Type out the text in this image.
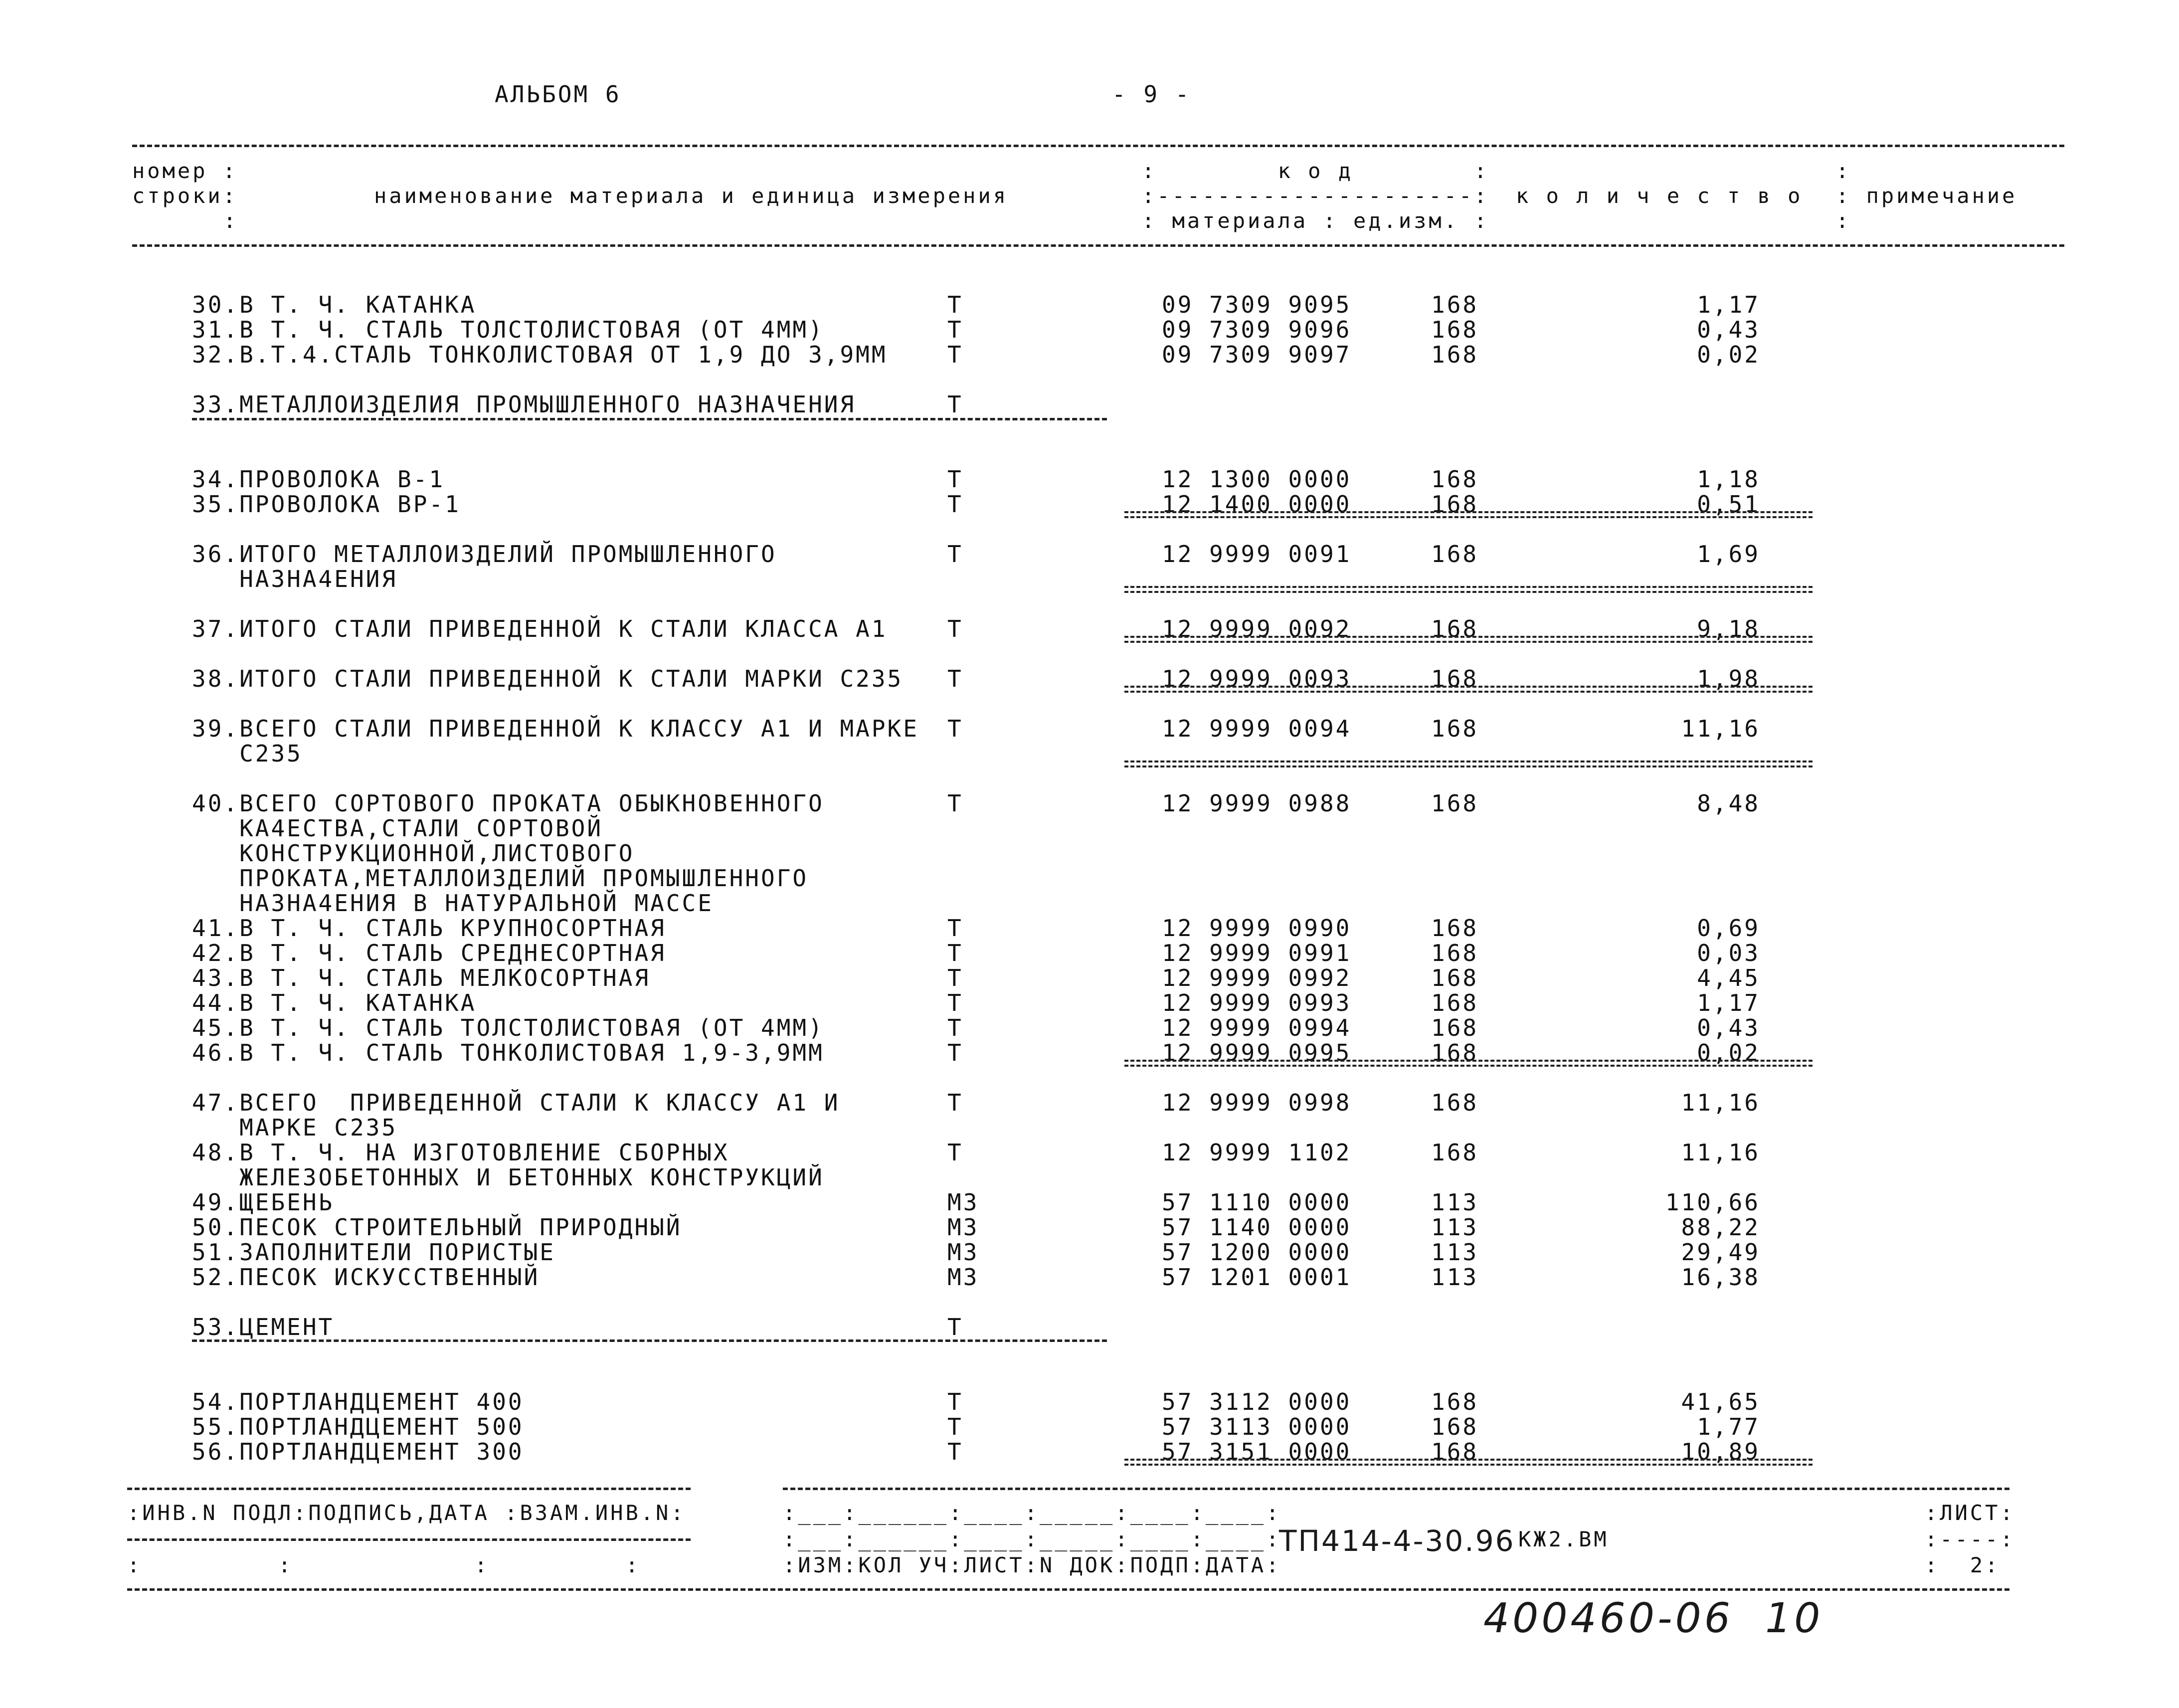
АЛЬБОМ 6	- 9 -
номер :
строки:
:
наименование материала и единица измерения
:        к о д        :
:---------------------:
: материала : ед.изм. :
к о л и ч е с т в о
:
: примечание
:
30.В Т. Ч. КАТАНКА	Т	09 7309 9095	168	1,17
31.В Т. Ч. СТАЛЬ ТОЛСТОЛИСТОВАЯ (ОТ 4ММ)	Т	09 7309 9096	168	0,43
32.В.Т.4.СТАЛЬ ТОНКОЛИСТОВАЯ ОТ 1,9 ДО 3,9ММ	Т	09 7309 9097	168	0,02
33.МЕТАЛЛОИЗДЕЛИЯ ПРОМЫШЛЕННОГО НАЗНАЧЕНИЯ	Т
34.ПРОВОЛОКА В-1	Т	12 1300 0000	168	1,18
35.ПРОВОЛОКА ВР-1	Т	12 1400 0000	168	0,51
36.ИТОГО МЕТАЛЛОИЗДЕЛИЙ ПРОМЫШЛЕННОГО	Т	12 9999 0091	168	1,69
НАЗНА4ЕНИЯ
37.ИТОГО СТАЛИ ПРИВЕДЕННОЙ К СТАЛИ КЛАССА А1	Т	12 9999 0092	168	9,18
38.ИТОГО СТАЛИ ПРИВЕДЕННОЙ К СТАЛИ МАРКИ С235 Т	12 9999 0093	168	1,98
39.ВСЕГО СТАЛИ ПРИВЕДЕННОЙ К КЛАССУ А1 И МАРКЕ Т	12 9999 0094	168	11,16
С235
40.ВСЕГО СОРТОВОГО ПРОКАТА ОБЫКНОВЕННОГО	Т	12 9999 0988	168	8,48
КА4ЕСТВА,СТАЛИ СОРТОВОЙ
КОНСТРУКЦИОННОЙ,ЛИСТОВОГО
ПРОКАТА,МЕТАЛЛОИЗДЕЛИЙ ПРОМЫШЛЕННОГО
НАЗНА4ЕНИЯ В НАТУРАЛЬНОЙ МАССЕ
41.В Т. Ч. СТАЛЬ КРУПНОСОРТНАЯ	Т	12 9999 0990	168	0,69
42.В Т. Ч. СТАЛЬ СРЕДНЕСОРТНАЯ	Т	12 9999 0991	168	0,03
43.В Т. Ч. СТАЛЬ МЕЛКОСОРТНАЯ	Т	12 9999 0992	168	4,45
44.В Т. Ч. КАТАНКА	Т	12 9999 0993	168	1,17
45.В Т. Ч. СТАЛЬ ТОЛСТОЛИСТОВАЯ (ОТ 4ММ)	Т	12 9999 0994	168	0,43
46.В Т. Ч. СТАЛЬ ТОНКОЛИСТОВАЯ 1,9-3,9ММ	Т	12 9999 0995	168	0,02
47.ВСЕГО  ПРИВЕДЕННОЙ СТАЛИ К КЛАССУ А1 И	Т	12 9999 0998	168	11,16
МАРКЕ С235
48.В Т. Ч. НА ИЗГОТОВЛЕНИЕ СБОРНЫХ	Т	12 9999 1102	168	11,16
ЖЕЛЕЗОБЕТОННЫХ И БЕТОННЫХ КОНСТРУКЦИЙ
49.ЩЕБЕНЬ	М3	57 1110 0000	113	110,66
50.ПЕСОК СТРОИТЕЛЬНЫЙ ПРИРОДНЫЙ	М3	57 1140 0000	113	88,22
51.ЗАПОЛНИТЕЛИ ПОРИСТЫЕ	М3	57 1200 0000	113	29,49
52.ПЕСОК ИСКУССТВЕННЫЙ	М3	57 1201 0001	113	16,38
53.ЦЕМЕНТ	Т
54.ПОРТЛАНДЦЕМЕНТ 400	Т	57 3112 0000	168	41,65
55.ПОРТЛАНДЦЕМЕНТ 500	Т	57 3113 0000	168	1,77
56.ПОРТЛАНДЦЕМЕНТ 300	Т	57 3151 0000	168	10,89
:ИНВ.N ПОДЛ:ПОДПИСЬ,ДАТА :ВЗАМ.ИНВ.N:
:         :            :         :
:___:______:____:_____:____:____:
:___:______:____:_____:____:____:
:ИЗМ:КОЛ УЧ:ЛИСТ:N ДОК:ПОДП:ДАТА:
ТП414-4-30.96 КЖ2.ВМ
:ЛИСТ:
:----:
:  2:
400460-06  10
